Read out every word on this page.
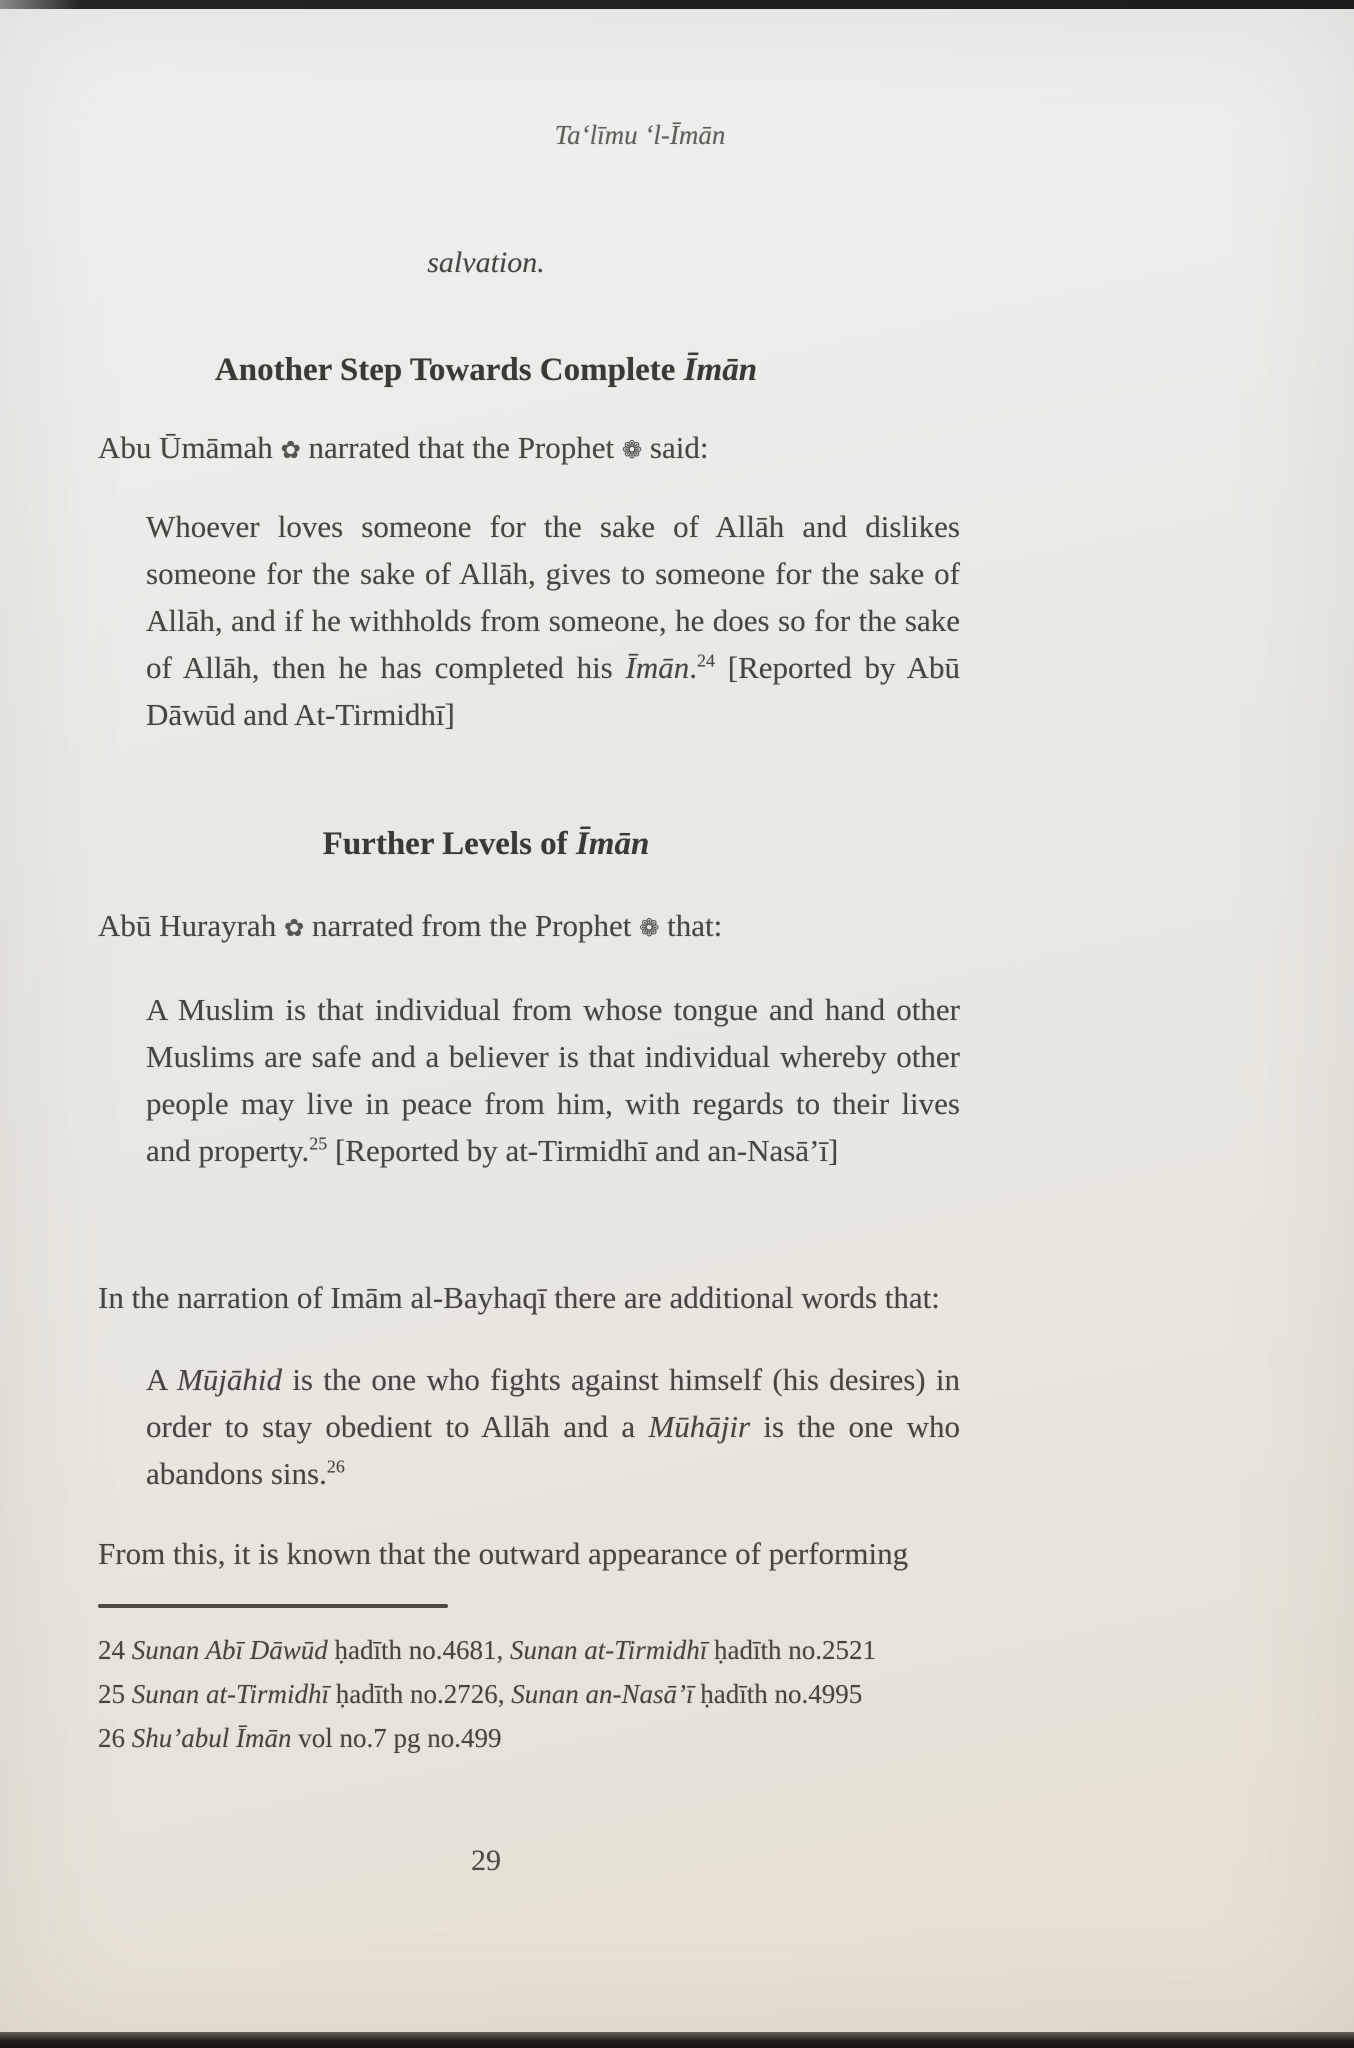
Ta‘līmu ‘l-Īmān
salvation.
Another Step Towards Complete Īmān

Abu Ūmāmah ✿ narrated that the Prophet ❁ said:

Whoever loves someone for the sake of Allāh and dislikes someone for the sake of Allāh, gives to someone for the sake of Allāh, and if he withholds from someone, he does so for the sake of Allāh, then he has completed his Īmān.$^{24}$ [Reported by Abū Dāwūd and At-Tirmidhī]
Further Levels of Īmān

Abū Hurayrah ✿ narrated from the Prophet ❁ that:

A Muslim is that individual from whose tongue and hand other Muslims are safe and a believer is that individual whereby other people may live in peace from him, with regards to their lives and property.$^{25}$ [Reported by at-Tirmidhī and an-Nasā’ī]

In the narration of Imām al-Bayhaqī there are additional words that:

A Mūjāhid is the one who fights against himself (his desires) in order to stay obedient to Allāh and a Mūhājir is the one who abandons sins.$^{26}$

From this, it is known that the outward appearance of performing

24 Sunan Abī Dāwūd ḥadīth no.4681, Sunan at-Tirmidhī ḥadīth no.2521

25 Sunan at-Tirmidhī ḥadīth no.2726, Sunan an-Nasā’ī ḥadīth no.4995

26 Shu’abul Īmān vol no.7 pg no.499

29
